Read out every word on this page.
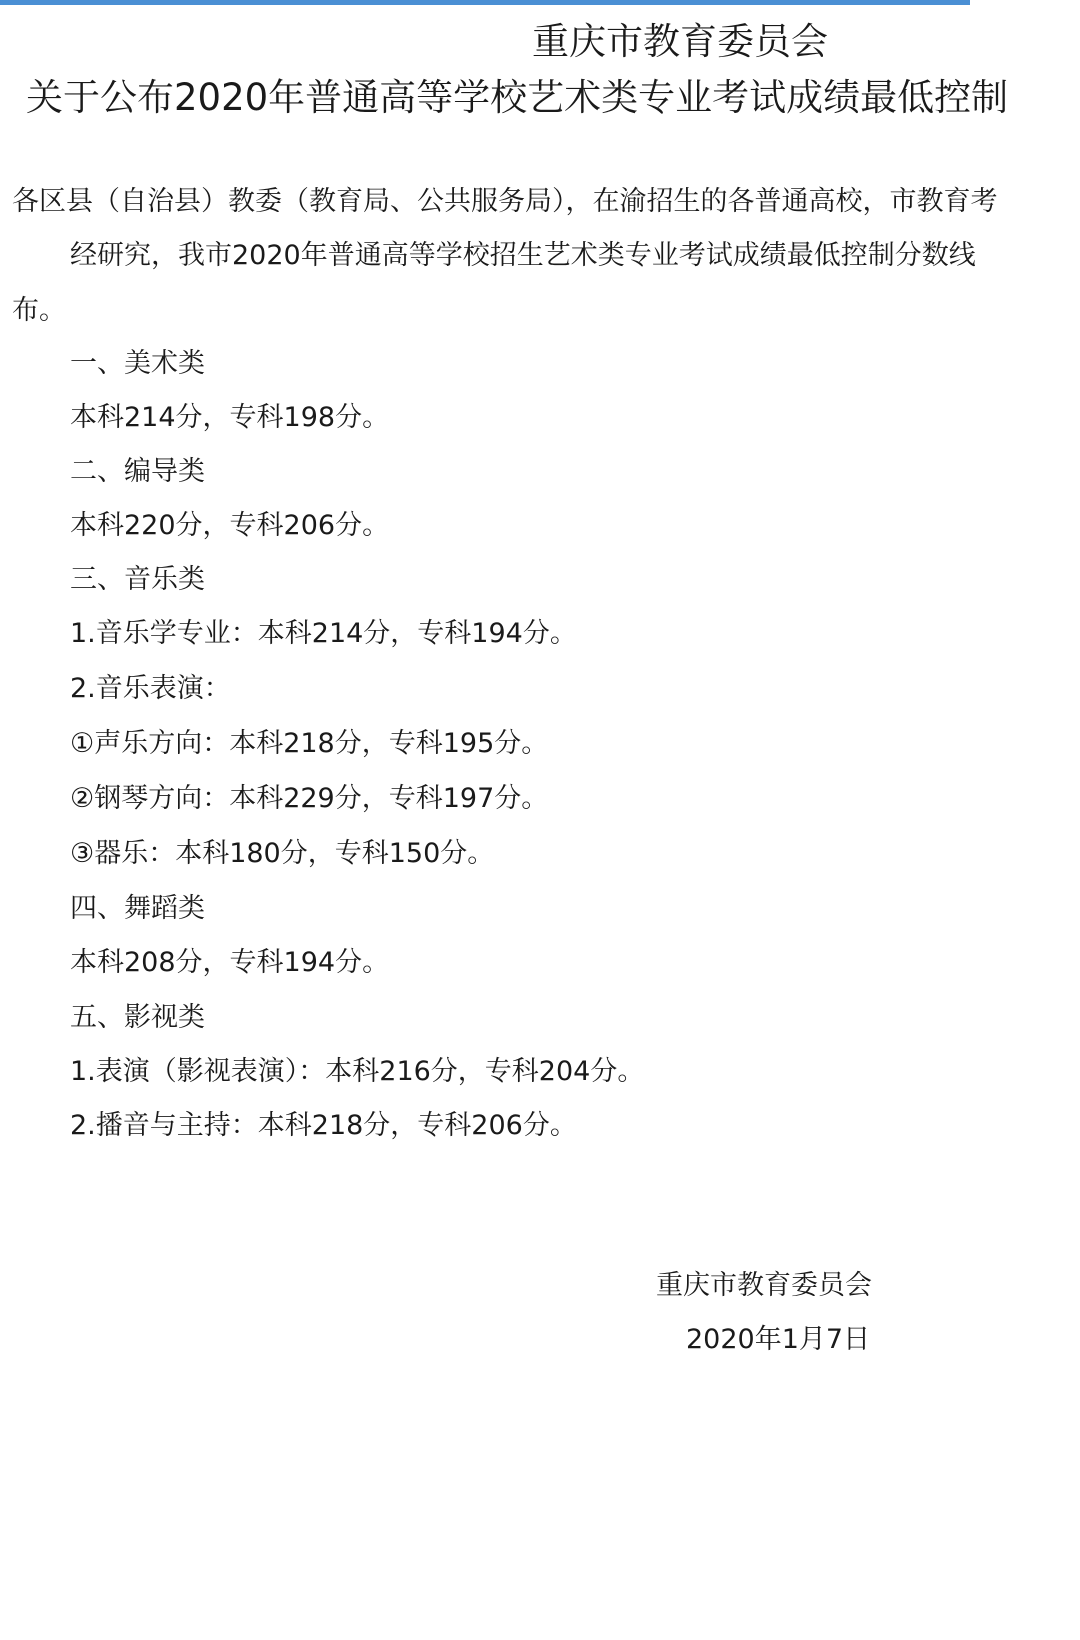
重庆市教育委员会
关于公布2020年普通高等学校艺术类专业考试成绩最低控制
各区县（自治县）教委（教育局、公共服务局），在渝招生的各普通高校，市教育考
经研究，我市2020年普通高等学校招生艺术类专业考试成绩最低控制分数线
布。
一、美术类
本科214分，专科198分。
二、编导类
本科220分，专科206分。
三、音乐类
1.音乐学专业：本科214分，专科194分。
2.音乐表演：
①声乐方向：本科218分，专科195分。
②钢琴方向：本科229分，专科197分。
③器乐：本科180分，专科150分。
四、舞蹈类
本科208分，专科194分。
五、影视类
1.表演（影视表演）：本科216分，专科204分。
2.播音与主持：本科218分，专科206分。
重庆市教育委员会
2020年1月7日
